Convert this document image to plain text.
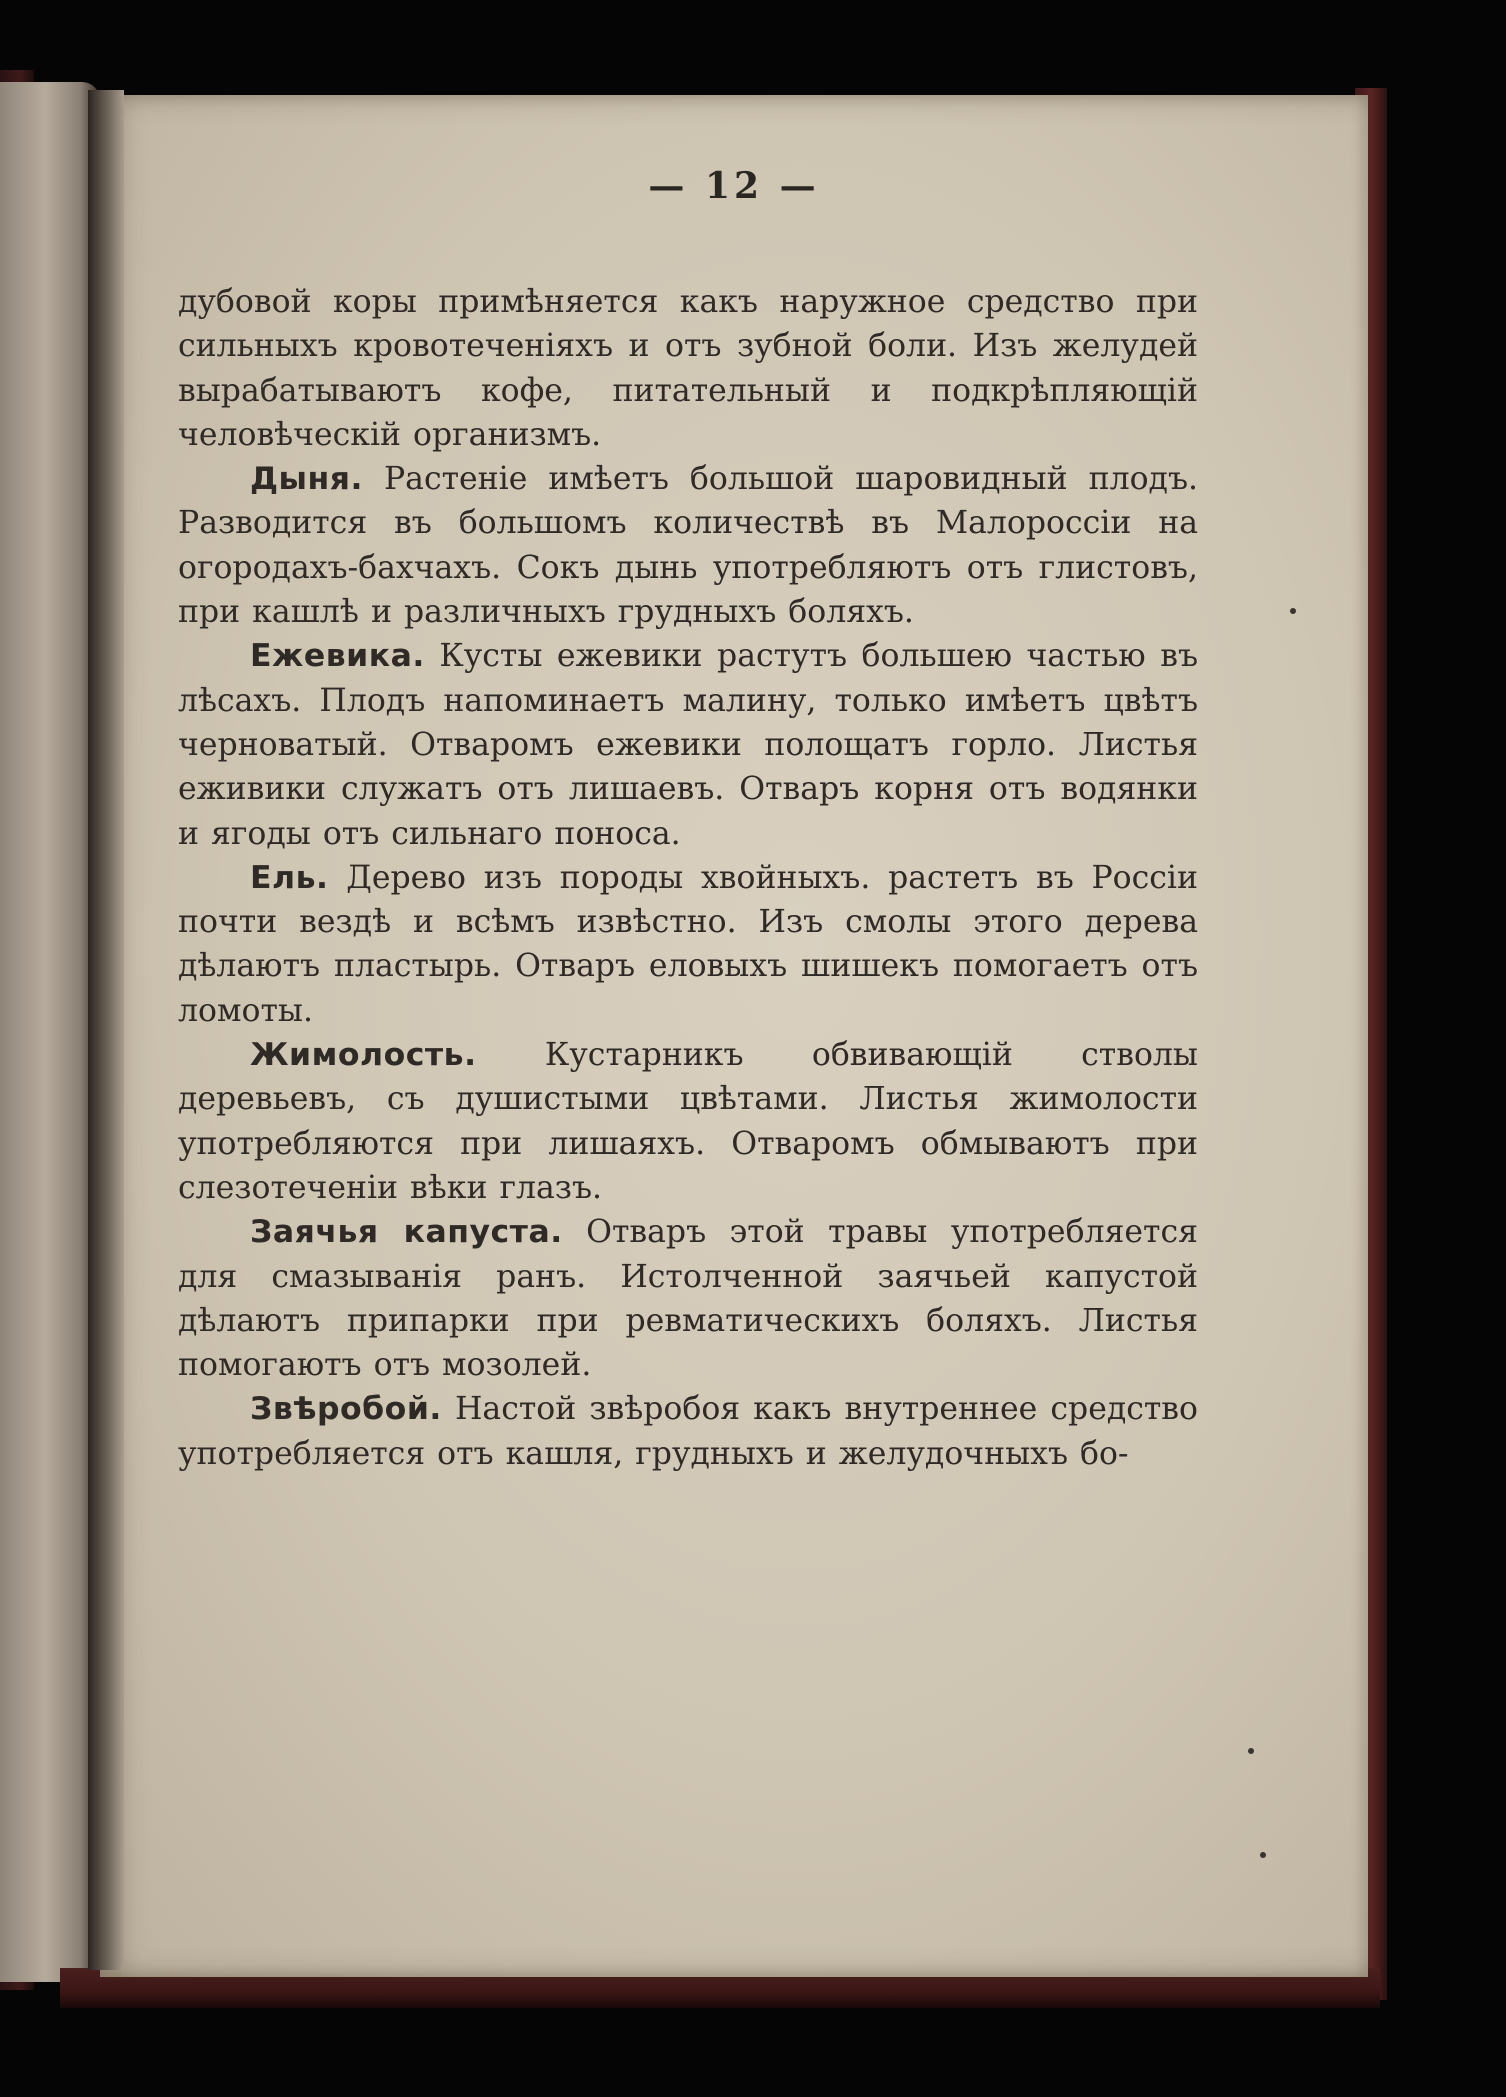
— 12 —

дубовой коры примѣняется какъ наружное средство при сильныхъ кровотеченіяхъ и отъ зубной боли. Изъ желудей вырабатываютъ кофе, питательный и подкрѣпляющій человѣческій организмъ.

Дыня. Растеніе имѣетъ большой шаровидный плодъ. Разводится въ большомъ количествѣ въ Малороссіи на огородахъ-бахчахъ. Сокъ дынь употребляютъ отъ глистовъ, при кашлѣ и различныхъ грудныхъ боляхъ.

Ежевика. Кусты ежевики растутъ большею частью въ лѣсахъ. Плодъ напоминаетъ малину, только имѣетъ цвѣтъ черноватый. Отваромъ ежевики полощатъ горло. Листья еживики служатъ отъ лишаевъ. Отваръ корня отъ водянки и ягоды отъ сильнаго поноса.

Ель. Дерево изъ породы хвойныхъ. растетъ въ Россіи почти вездѣ и всѣмъ извѣстно. Изъ смолы этого дерева дѣлаютъ пластырь. Отваръ еловыхъ шишекъ помогаетъ отъ ломоты.

Жимолость. Кустарникъ обвивающій стволы деревьевъ, съ душистыми цвѣтами. Листья жимолости употребляются при лишаяхъ. Отваромъ обмываютъ при слезотеченіи вѣки глазъ.

Заячья капуста. Отваръ этой травы употребляется для смазыванія ранъ. Истолченной заячьей капустой дѣлаютъ припарки при ревматическихъ боляхъ. Листья помогаютъ отъ мозолей.

Звѣробой. Настой звѣробоя какъ внутреннее средство употребляется отъ кашля, грудныхъ и желудочныхъ бо-
